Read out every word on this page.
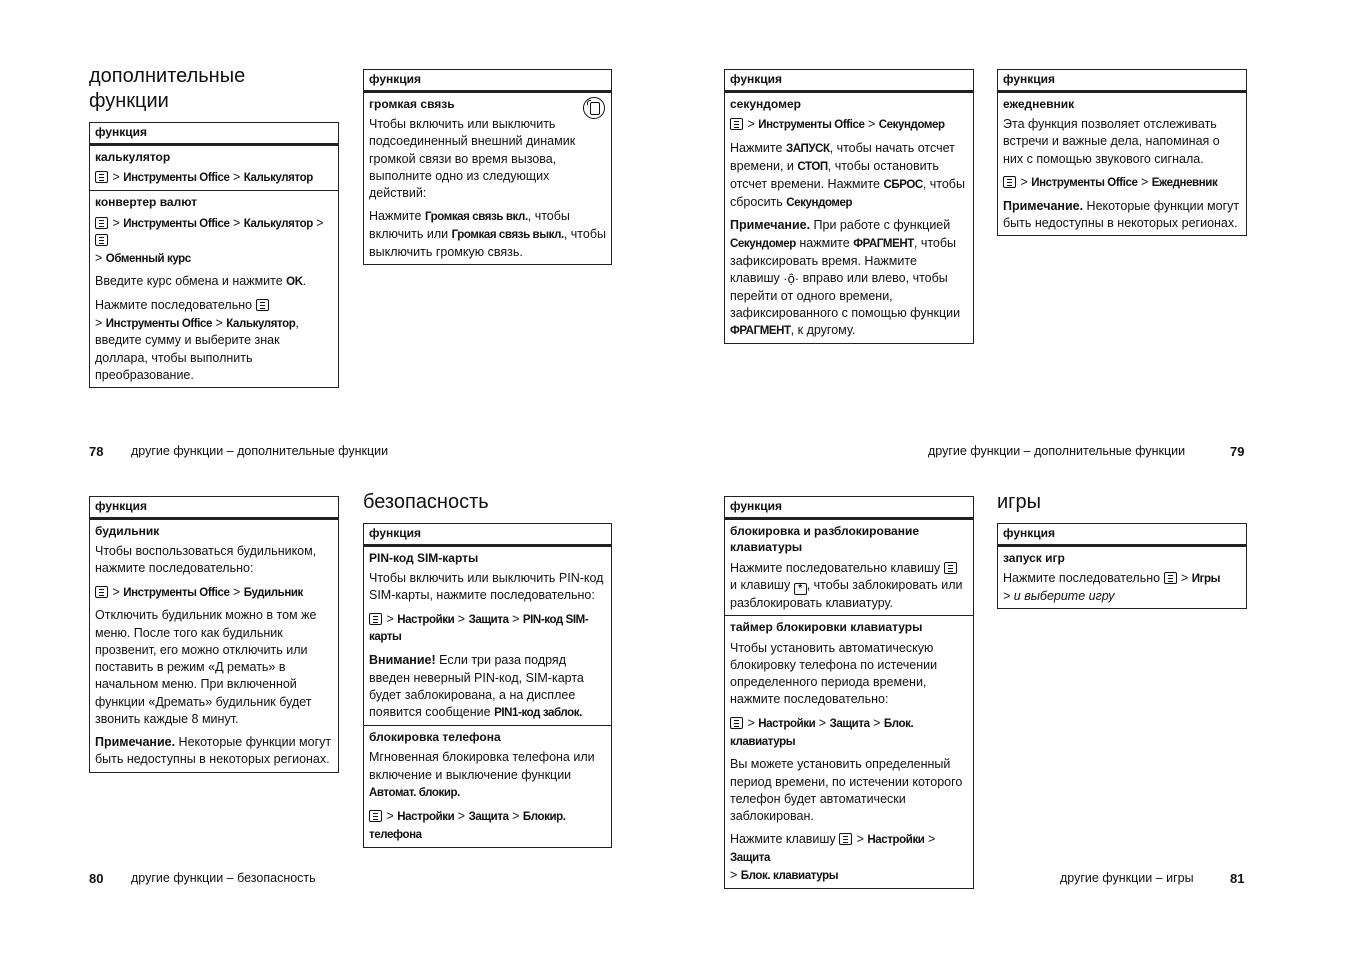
дополнительные
функции
функция
калькулятор
> Инструменты Office > Калькулятор
конвертер валют
> Инструменты Office > Калькулятор >
> Обменный курс
Введите курс обмена и нажмите OK.
Нажмите последовательно
> Инструменты Office > Калькулятор, введите сумму и выберите знак доллара, чтобы выполнить преобразование.
функция
громкая связь
Чтобы включить или выключить подсоединенный внешний динамик громкой связи во время вызова, выполните одно из следующих действий:
Нажмите Громкая связь вкл., чтобы включить или Громкая связь выкл., чтобы выключить громкую связь.
78 другие функции – дополнительные функции
функция
секундомер
> Инструменты Office > Секундомер
Нажмите ЗАПУСК, чтобы начать отсчет времени, и СТОП, чтобы остановить отсчет времени. Нажмите СБРОС, чтобы сбросить Секундомер
Примечание. При работе с функцией Секундомер нажмите ФРАГМЕНТ, чтобы зафиксировать время. Нажмите клавишу ·ộ· вправо или влево, чтобы перейти от одного времени, зафиксированного с помощью функции ФРАГМЕНТ, к другому.
функция
ежедневник
Эта функция позволяет отслеживать встречи и важные дела, напоминая о них с помощью звукового сигнала.
> Инструменты Office > Ежедневник
Примечание. Некоторые функции могут быть недоступны в некоторых регионах.
другие функции – дополнительные функции	79
функция
будильник
Чтобы воспользоваться будильником, нажмите последовательно:
> Инструменты Office > Будильник
Отключить будильник можно в том же меню. После того как будильник прозвенит, его можно отключить или поставить в режим «Д ремать» в начальном меню. При включенной функции «Дремать» будильник будет звонить каждые 8 минут.
Примечание. Некоторые функции могут быть недоступны в некоторых регионах.
безопасность
функция
PIN-код SIM-карты
Чтобы включить или выключить PIN-код SIM-карты, нажмите последовательно:
> Настройки > Защита > PIN-код SIM-карты
Внимание! Если три раза подряд введен неверный PIN-код, SIM-карта будет заблокирована, а на дисплее появится сообщение PIN1-код заблок.
блокировка телефона
Мгновенная блокировка телефона или включение и выключение функции Автомат. блокир.
> Настройки > Защита > Блокир. телефона
80 другие функции – безопасность
функция
блокировка и разблокирование клавиатуры
Нажмите последовательно клавишу
и клавишу * , чтобы заблокировать или разблокировать клавиатуру.
таймер блокировки клавиатуры
Чтобы установить автоматическую блокировку телефона по истечении определенного периода времени, нажмите последовательно:
> Настройки > Защита > Блок. клавиатуры
Вы можете установить определенный период времени, по истечении которого телефон будет автоматически заблокирован.
Нажмите клавишу  > Настройки > Защита
> Блок. клавиатуры
игры
функция
запуск игр
Нажмите последовательно  > Игры
> и выберите игру
другие функции – игры	81
